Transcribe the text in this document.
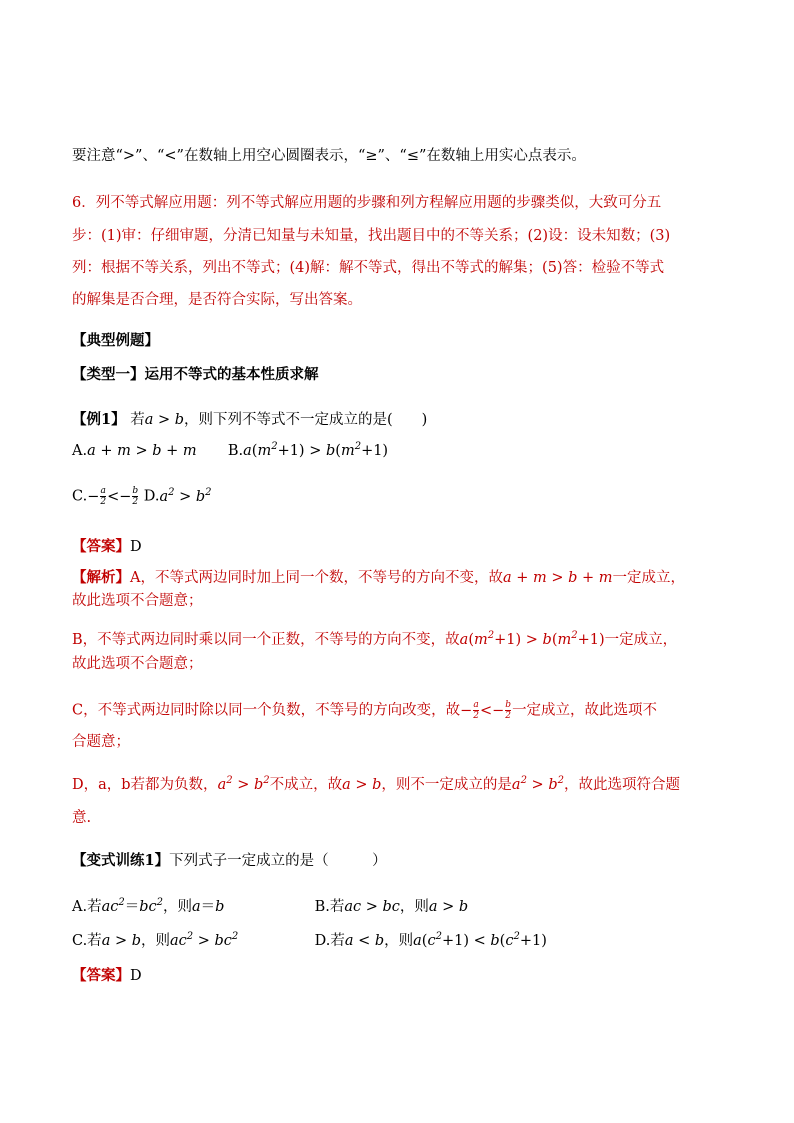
要注意“>”、“<”在数轴上用空心圆圈表示，“≥”、“≤”在数轴上用实心点表示。
6．列不等式解应用题：列不等式解应用题的步骤和列方程解应用题的步骤类似，大致可分五
步：(1)审：仔细审题，分清已知量与未知量，找出题目中的不等关系；(2)设：设未知数；(3)
列：根据不等关系，列出不等式；(4)解：解不等式，得出不等式的解集；(5)答：检验不等式
的解集是否合理，是否符合实际，写出答案。
【典型例题】
【类型一】运用不等式的基本性质求解
【例1】 若a > b，则下列不等式不一定成立的是(　　)
A.a + m > b + m $B.a(m^2+1) > b(m^2+1)$
$C.- \frac{a}{2} <- \frac{b}{2} D.a^2 > b^2$
【答案】D
【解析】A，不等式两边同时加上同一个数，不等号的方向不变，故a + m > b + m一定成立，
故此选项不合题意；
B，不等式两边同时乘以同一个正数，不等号的方向不变，故$a(m^2+1) > b(m^2+1)$一定成立，
故此选项不合题意；
C，不等式两边同时除以同一个负数，不等号的方向改变，故− $\frac{a}{2} <- \frac{b}{2}$ 一定成立，故此选项不
合题意；
D，a，b若都为负数，$a^2 > b^2$不成立，故a > b，则不一定成立的是$a^2 > b^2$，故此选项符合题
意.
【变式训练1】下列式子一定成立的是（　　　）
A.若$ac^2=bc^2$，则a＝b	B.若ac > bc，则a > b
C.若a > b，则$ac^2 > bc^2$	D.若a < b，则$a(c^2+1) < b(c^2+1)$
【答案】D
